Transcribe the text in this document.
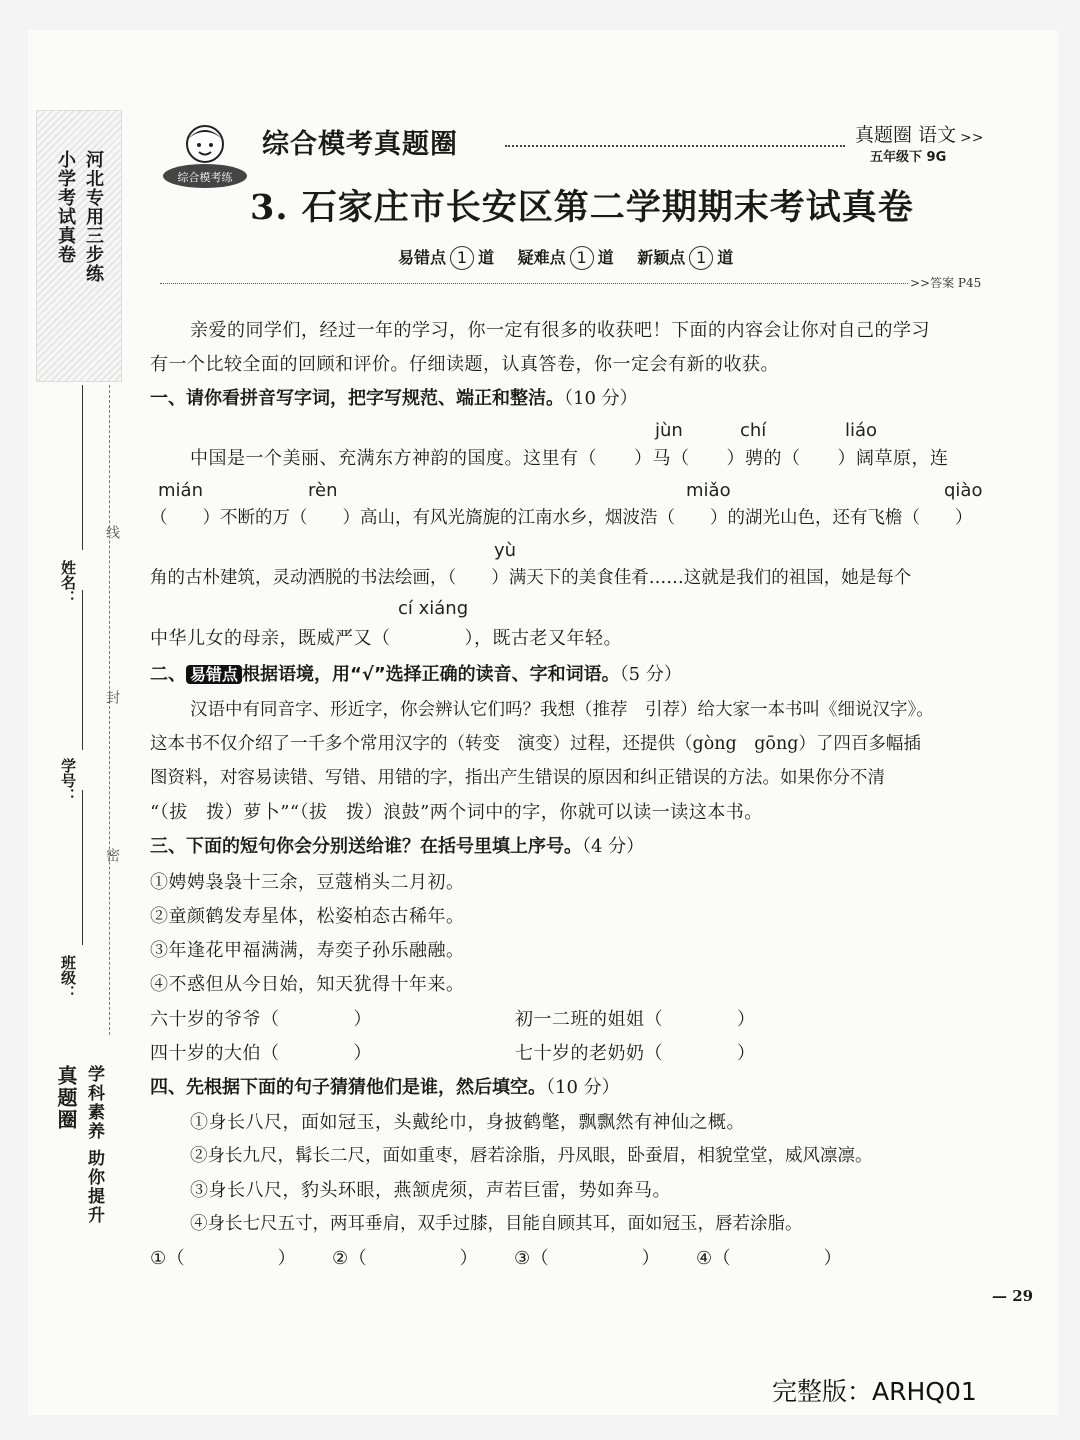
小学考试真卷 河北专用三步练
姓名：
学号：
班级：
线
封
密
真题圈 学科素养 助你提升
综合模考练
综合模考真题圈	真题圈 语文 >>
五年级下 9G
3. 石家庄市长安区第二学期期末考试真卷
易错点 1 道 疑难点 1 道 新颖点 1 道
>>答案 P45
亲爱的同学们，经过一年的学习，你一定有很多的收获吧！下面的内容会让你对自己的学习
有一个比较全面的回顾和评价。仔细读题，认真答卷，你一定会有新的收获。
一、请你看拼音写字词，把字写规范、端正和整洁。（10 分）
jùn	chí	liáo
中国是一个美丽、充满东方神韵的国度。这里有（　　）马（　　）骋的（　　）阔草原，连
mián	rèn	miǎo	qiào
（　　）不断的万（　　）高山，有风光旖旎的江南水乡，烟波浩（　　）的湖光山色，还有飞檐（　　）
yù
角的古朴建筑，灵动洒脱的书法绘画，（　　）满天下的美食佳肴……这就是我们的祖国，她是每个
cí xiáng
中华儿女的母亲，既威严又（　　　　），既古老又年轻。
二、 易错点 根据语境，用“√”选择正确的读音、字和词语。（5 分）
汉语中有同音字、形近字，你会辨认它们吗？我想（推荐　引荐）给大家一本书叫《细说汉字》。
这本书不仅介绍了一千多个常用汉字的（转变　演变）过程，还提供（gòng　gōng）了四百多幅插
图资料，对容易读错、写错、用错的字，指出产生错误的原因和纠正错误的方法。如果你分不清
“（拔　拨）萝卜”“（拔　拨）浪鼓”两个词中的字，你就可以读一读这本书。
三、下面的短句你会分别送给谁？在括号里填上序号。（4 分）
①娉娉袅袅十三余，豆蔻梢头二月初。
②童颜鹤发寿星体，松姿柏态古稀年。
③年逢花甲福满满，寿奕子孙乐融融。
④不惑但从今日始，知天犹得十年来。
六十岁的爷爷（　　　　）	初一二班的姐姐（　　　　）
四十岁的大伯（　　　　）	七十岁的老奶奶（　　　　）
四、先根据下面的句子猜猜他们是谁，然后填空。（10 分）
①身长八尺，面如冠玉，头戴纶巾，身披鹤氅，飘飘然有神仙之概。
②身长九尺，髯长二尺，面如重枣，唇若涂脂，丹凤眼，卧蚕眉，相貌堂堂，威风凛凛。
③身长八尺，豹头环眼，燕颔虎须，声若巨雷，势如奔马。
④身长七尺五寸，两耳垂肩，双手过膝，目能自顾其耳，面如冠玉，唇若涂脂。
①（　　　　　） ②（　　　　　） ③（　　　　　） ④（　　　　　）
— 29
完整版：ARHQ01
